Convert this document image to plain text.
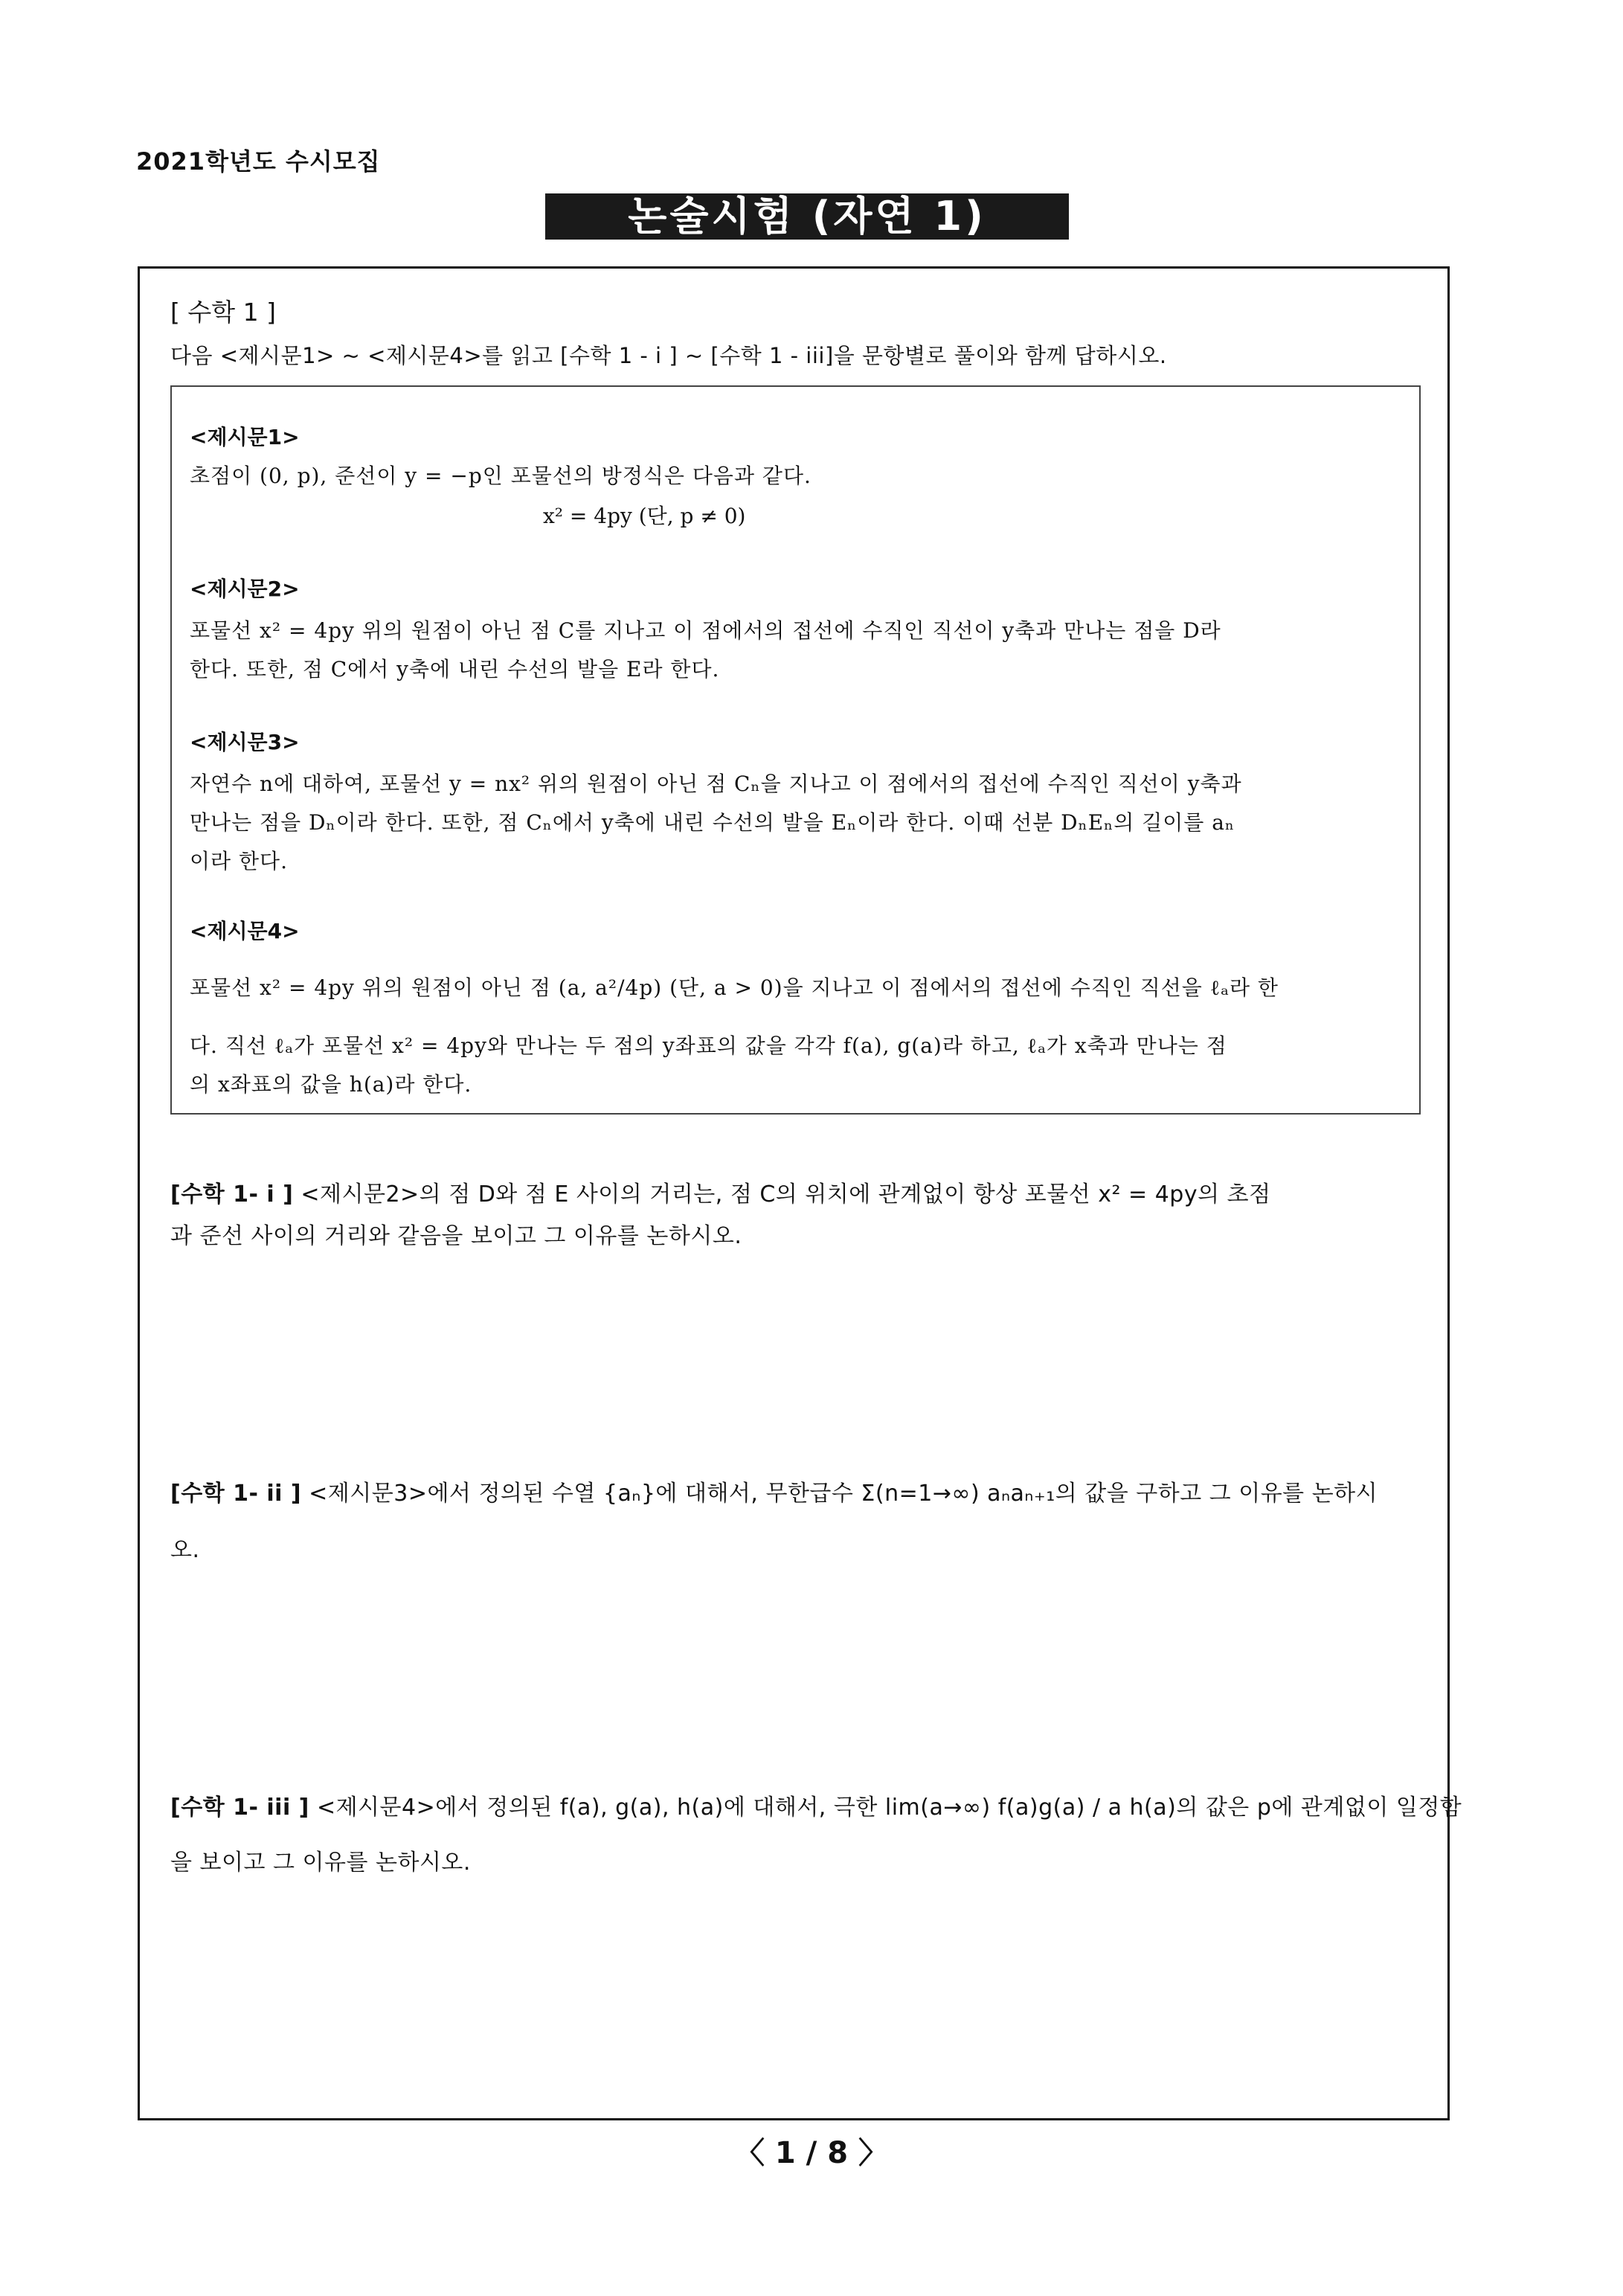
2021학년도 수시모집
논술시험 (자연 1)
[ 수학 1 ]
다음 <제시문1> ~ <제시문4>를 읽고 [수학 1 - i ] ~ [수학 1 - iii]을 문항별로 풀이와 함께 답하시오.
<제시문1>
초점이 (0, p), 준선이 y = −p인 포물선의 방정식은 다음과 같다.
x² = 4py (단, p ≠ 0)
<제시문2>
포물선 x² = 4py 위의 원점이 아닌 점 C를 지나고 이 점에서의 접선에 수직인 직선이 y축과 만나는 점을 D라
한다. 또한, 점 C에서 y축에 내린 수선의 발을 E라 한다.
<제시문3>
자연수 n에 대하여, 포물선 y = nx² 위의 원점이 아닌 점 Cₙ을 지나고 이 점에서의 접선에 수직인 직선이 y축과
만나는 점을 Dₙ이라 한다. 또한, 점 Cₙ에서 y축에 내린 수선의 발을 Eₙ이라 한다. 이때 선분 DₙEₙ의 길이를 aₙ
이라 한다.
<제시문4>
포물선 x² = 4py 위의 원점이 아닌 점 (a, a²/4p) (단, a > 0)을 지나고 이 점에서의 접선에 수직인 직선을 ℓₐ라 한
다. 직선 ℓₐ가 포물선 x² = 4py와 만나는 두 점의 y좌표의 값을 각각 f(a), g(a)라 하고, ℓₐ가 x축과 만나는 점
의 x좌표의 값을 h(a)라 한다.
[수학 1- i ] <제시문2>의 점 D와 점 E 사이의 거리는, 점 C의 위치에 관계없이 항상 포물선 x² = 4py의 초점
과 준선 사이의 거리와 같음을 보이고 그 이유를 논하시오.
[수학 1- ii ] <제시문3>에서 정의된 수열 {aₙ}에 대해서, 무한급수 Σ(n=1→∞) aₙaₙ₊₁의 값을 구하고 그 이유를 논하시
오.
[수학 1- iii ] <제시문4>에서 정의된 f(a), g(a), h(a)에 대해서, 극한 lim(a→∞) f(a)g(a) / a h(a)의 값은 p에 관계없이 일정함
을 보이고 그 이유를 논하시오.
〈 1 / 8 〉
